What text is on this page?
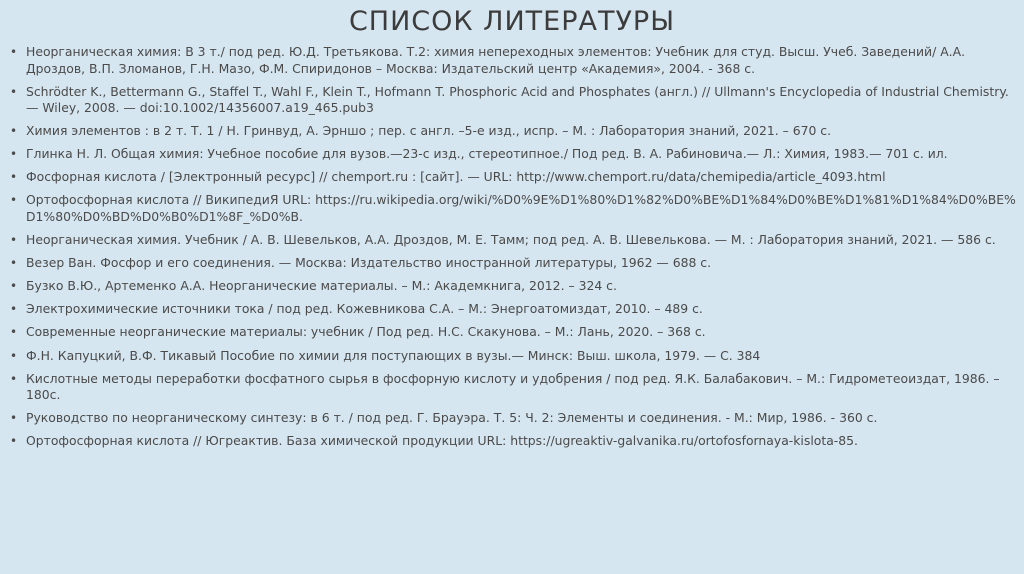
СПИСОК ЛИТЕРАТУРЫ
• Неорганическая химия: В 3 т./ под ред. Ю.Д. Третьякова. Т.2: химия непереходных элементов: Учебник для студ. Высш. Учеб. Заведений/ А.А. Дроздов, В.П. Зломанов, Г.Н. Мазо, Ф.М. Спиридонов – Москва: Издательский центр «Академия», 2004. - 368 с.
• Schrödter K., Bettermann G., Staffel T., Wahl F., Klein T., Hofmann T. Phosphoric Acid and Phosphates (англ.) // Ullmann's Encyclopedia of Industrial Chemistry. — Wiley, 2008. — doi:10.1002/14356007.a19_465.pub3
• Химия элементов : в 2 т. Т. 1 / Н. Гринвуд, А. Эрншо ; пер. с англ. –5-е изд., испр. – М. : Лаборатория знаний, 2021. – 670 с.
• Глинка Н. Л. Общая химия: Учебное пособие для вузов.—23-с изд., стереотипное./ Под ред. В. А. Рабиновича.— Л.: Химия, 1983.— 701 с. ил.
• Фосфорная кислота / [Электронный ресурс] // chemport.ru : [сайт]. — URL: http://www.chemport.ru/data/chemipedia/article_4093.html
• Ортофосфорная кислота // ВикипедиЯ URL: https://ru.wikipedia.org/wiki/%D0%9E%D1%80%D1%82%D0%BE%D1%84%D0%BE%D1%81%D1%84%D0%BE%D1%80%D0%BD%D0%B0%D1%8F_%D0%B.
• Неорганическая химия. Учебник / А. В. Шевельков, А.А. Дроздов, М. Е. Тамм; под ред. А. В. Шевелькова. — М. : Лаборатория знаний, 2021. — 586 с.
• Везер Ван. Фосфор и его соединения. — Москва: Издательство иностранной литературы, 1962 — 688 с.
• Бузко В.Ю., Артеменко А.А. Неорганические материалы. – М.: Академкнига, 2012. – 324 с.
• Электрохимические источники тока / под ред. Кожевникова С.А. – М.: Энергоатомиздат, 2010. – 489 с.
• Современные неорганические материалы: учебник / Под ред. Н.С. Скакунова. – М.: Лань, 2020. – 368 с.
• Ф.Н. Капуцкий, В.Ф. Тикавый Пособие по химии для поступающих в вузы.— Минск: Выш. школа, 1979. — С. 384
• Кислотные методы переработки фосфатного сырья в фосфорную кислоту и удобрения / под ред. Я.К. Балабакович. – М.: Гидрометеоиздат, 1986. – 180с.
• Руководство по неорганическому синтезу: в 6 т. / под ред. Г. Брауэра. Т. 5: Ч. 2: Элементы и соединения. - М.: Мир, 1986. - 360 с.
• Ортофосфорная кислота // Югреактив. База химической продукции URL: https://ugreaktiv-galvanika.ru/ortofosfornaya-kislota-85.
